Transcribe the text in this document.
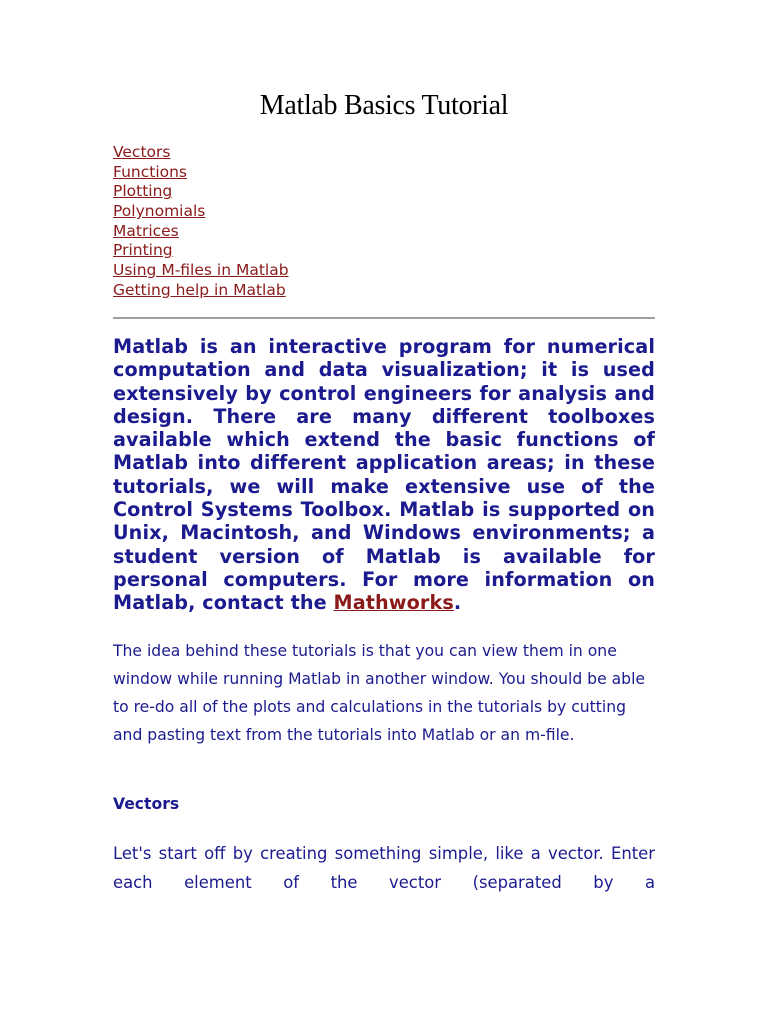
Matlab Basics Tutorial
Vectors
Functions
Plotting
Polynomials
Matrices
Printing
Using M-files in Matlab
Getting help in Matlab

Matlab is an interactive program for numerical computation and data visualization; it is used extensively by control engineers for analysis and design. There are many different toolboxes available which extend the basic functions of Matlab into different application areas; in these tutorials, we will make extensive use of the Control Systems Toolbox. Matlab is supported on Unix, Macintosh, and Windows environments; a student version of Matlab is available for personal computers. For more information on Matlab, contact the Mathworks.

The idea behind these tutorials is that you can view them in one window while running Matlab in another window. You should be able to re-do all of the plots and calculations in the tutorials by cutting and pasting text from the tutorials into Matlab or an m-file.

Vectors

Let's start off by creating something simple, like a vector. Enter each element of the vector (separated by a
